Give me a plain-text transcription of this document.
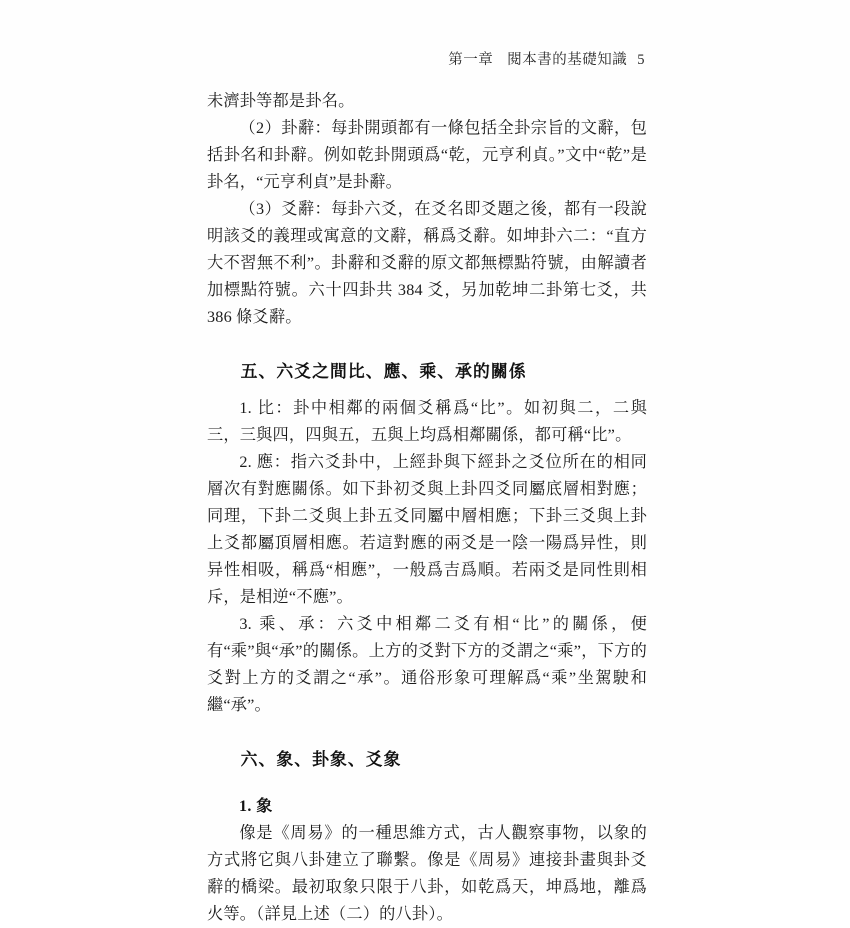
第一章 閱本書的基礎知識 5

未濟卦等都是卦名。

（2）卦辭：每卦開頭都有一條包括全卦宗旨的文辭，包括卦名和卦辭。例如乾卦開頭爲“乾，元亨利貞。”文中“乾”是卦名，“元亨利貞”是卦辭。

（3）爻辭：每卦六爻，在爻名即爻題之後，都有一段說明該爻的義理或寓意的文辭，稱爲爻辭。如坤卦六二：“直方大不習無不利”。卦辭和爻辭的原文都無標點符號，由解讀者加標點符號。六十四卦共 384 爻，另加乾坤二卦第七爻，共 386 條爻辭。

五、六爻之間比、應、乘、承的關係

1. 比：卦中相鄰的兩個爻稱爲“比”。如初與二，二與三，三與四，四與五，五與上均爲相鄰關係，都可稱“比”。

2. 應：指六爻卦中，上經卦與下經卦之爻位所在的相同層次有對應關係。如下卦初爻與上卦四爻同屬底層相對應；同理，下卦二爻與上卦五爻同屬中層相應；下卦三爻與上卦上爻都屬頂層相應。若這對應的兩爻是一陰一陽爲异性，則异性相吸，稱爲“相應”，一般爲吉爲順。若兩爻是同性則相斥，是相逆“不應”。

3. 乘、承：六爻中相鄰二爻有相“比”的關係，便有“乘”與“承”的關係。上方的爻對下方的爻謂之“乘”，下方的爻對上方的爻謂之“承”。通俗形象可理解爲“乘”坐駕駛和繼“承”。

六、象、卦象、爻象
1. 象

像是《周易》的一種思維方式，古人觀察事物，以象的方式將它與八卦建立了聯繫。像是《周易》連接卦畫與卦爻辭的橋梁。最初取象只限于八卦，如乾爲天，坤爲地，離爲火等。（詳見上述（二）的八卦）。
